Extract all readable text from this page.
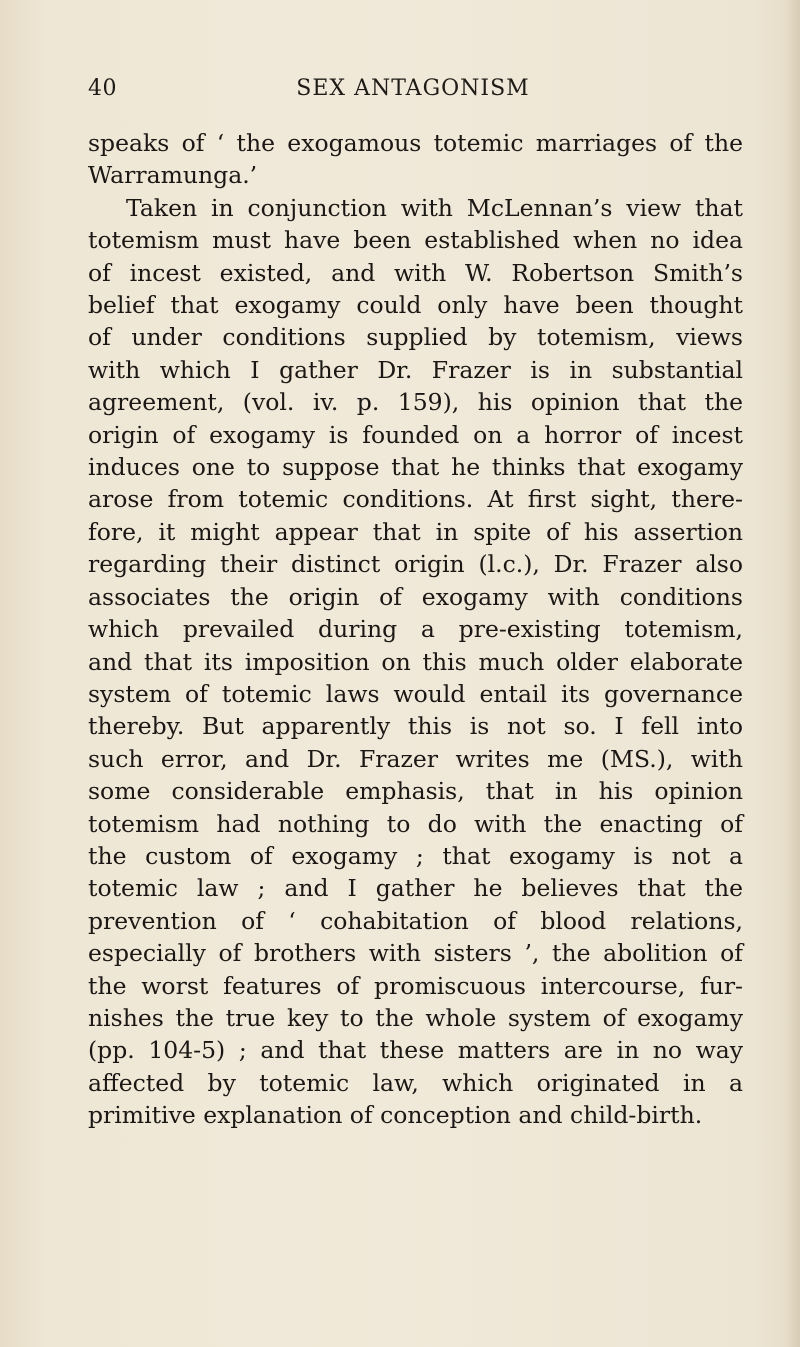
40	SEX ANTAGONISM
speaks of ‘ the exogamous totemic marriages of the
Warramunga.’
Taken in conjunction with McLennan’s view that
totemism must have been established when no idea
of incest existed, and with W. Robertson Smith’s
belief that exogamy could only have been thought
of under conditions supplied by totemism, views
with which I gather Dr. Frazer is in substantial
agreement, (vol. iv. p. 159), his opinion that the
origin of exogamy is founded on a horror of incest
induces one to suppose that he thinks that exogamy
arose from totemic conditions. At first sight, there-
fore, it might appear that in spite of his assertion
regarding their distinct origin (l.c.), Dr. Frazer also
associates the origin of exogamy with conditions
which prevailed during a pre-existing totemism,
and that its imposition on this much older elaborate
system of totemic laws would entail its governance
thereby. But apparently this is not so. I fell into
such error, and Dr. Frazer writes me (MS.), with
some considerable emphasis, that in his opinion
totemism had nothing to do with the enacting of
the custom of exogamy ; that exogamy is not a
totemic law ; and I gather he believes that the
prevention of ‘ cohabitation of blood relations,
especially of brothers with sisters ’, the abolition of
the worst features of promiscuous intercourse, fur-
nishes the true key to the whole system of exogamy
(pp. 104-5) ; and that these matters are in no way
affected by totemic law, which originated in a
primitive explanation of conception and child-birth.
